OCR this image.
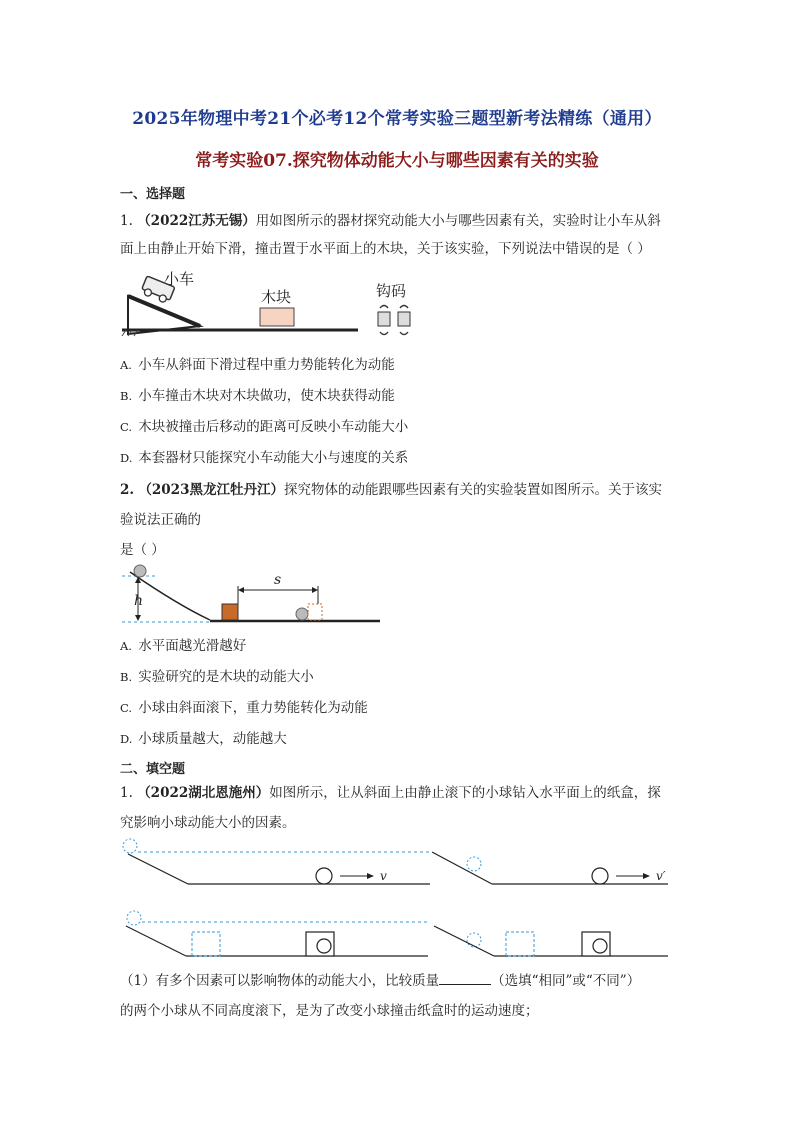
2025年物理中考21个必考12个常考实验三题型新考法精练（通用）
常考实验07.探究物体动能大小与哪些因素有关的实验
一、选择题
1. （2022江苏无锡）用如图所示的器材探究动能大小与哪些因素有关，实验时让小车从斜
面上由静止开始下滑，撞击置于水平面上的木块，关于该实验，下列说法中错误的是（ ）
小车
木块	钩码
A. 小车从斜面下滑过程中重力势能转化为动能
B. 小车撞击木块对木块做功，使木块获得动能
C. 木块被撞击后移动的距离可反映小车动能大小
D. 本套器材只能探究小车动能大小与速度的关系
2. （2023黑龙江牡丹江）探究物体的动能跟哪些因素有关的实验装置如图所示。关于该实
验说法正确的
是（ ）
h
s
A. 水平面越光滑越好
B. 实验研究的是木块的动能大小
C. 小球由斜面滚下，重力势能转化为动能
D. 小球质量越大，动能越大
二、填空题
1. （2022湖北恩施州）如图所示，让从斜面上由静止滚下的小球钻入水平面上的纸盒，探
究影响小球动能大小的因素。
v	v′
（1）有多个因素可以影响物体的动能大小，比较质量	（选填“相同”或“不同”）
的两个小球从不同高度滚下，是为了改变小球撞击纸盒时的运动速度；
